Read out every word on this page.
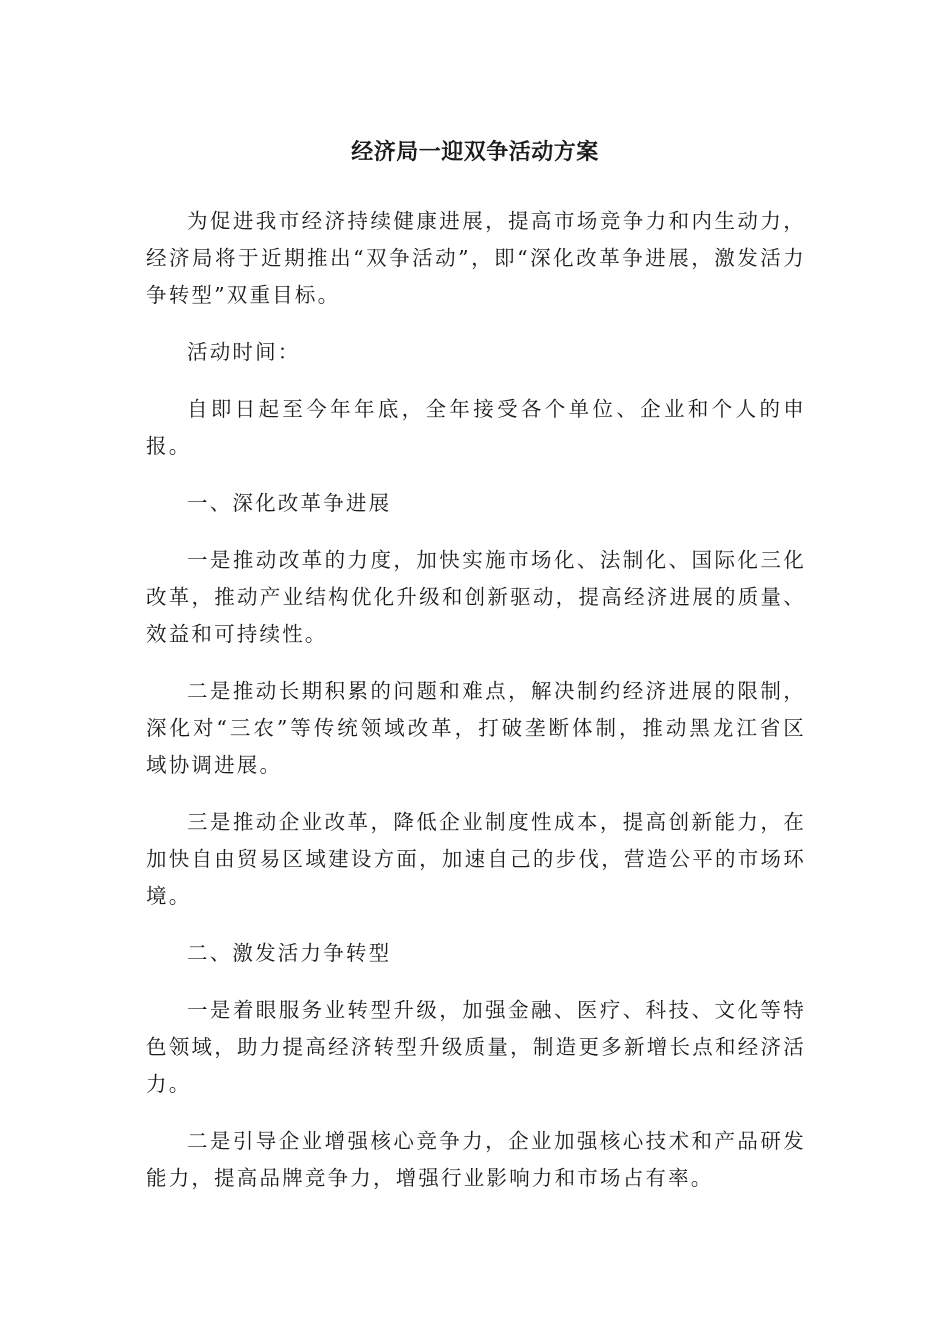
经济局一迎双争活动方案

为促进我市经济持续健康进展，提高市场竞争力和内生动力，经济局将于近期推出“双争活动”，即“深化改革争进展，激发活力争转型”双重目标。

活动时间：

自即日起至今年年底，全年接受各个单位、企业和个人的申报。

一、深化改革争进展

一是推动改革的力度，加快实施市场化、法制化、国际化三化改革，推动产业结构优化升级和创新驱动，提高经济进展的质量、效益和可持续性。

二是推动长期积累的问题和难点，解决制约经济进展的限制，深化对“三农”等传统领域改革，打破垄断体制，推动黑龙江省区域协调进展。

三是推动企业改革，降低企业制度性成本，提高创新能力，在加快自由贸易区域建设方面，加速自己的步伐，营造公平的市场环境。

二、激发活力争转型

一是着眼服务业转型升级，加强金融、医疗、科技、文化等特色领域，助力提高经济转型升级质量，制造更多新增长点和经济活力。

二是引导企业增强核心竞争力，企业加强核心技术和产品研发能力，提高品牌竞争力，增强行业影响力和市场占有率。
